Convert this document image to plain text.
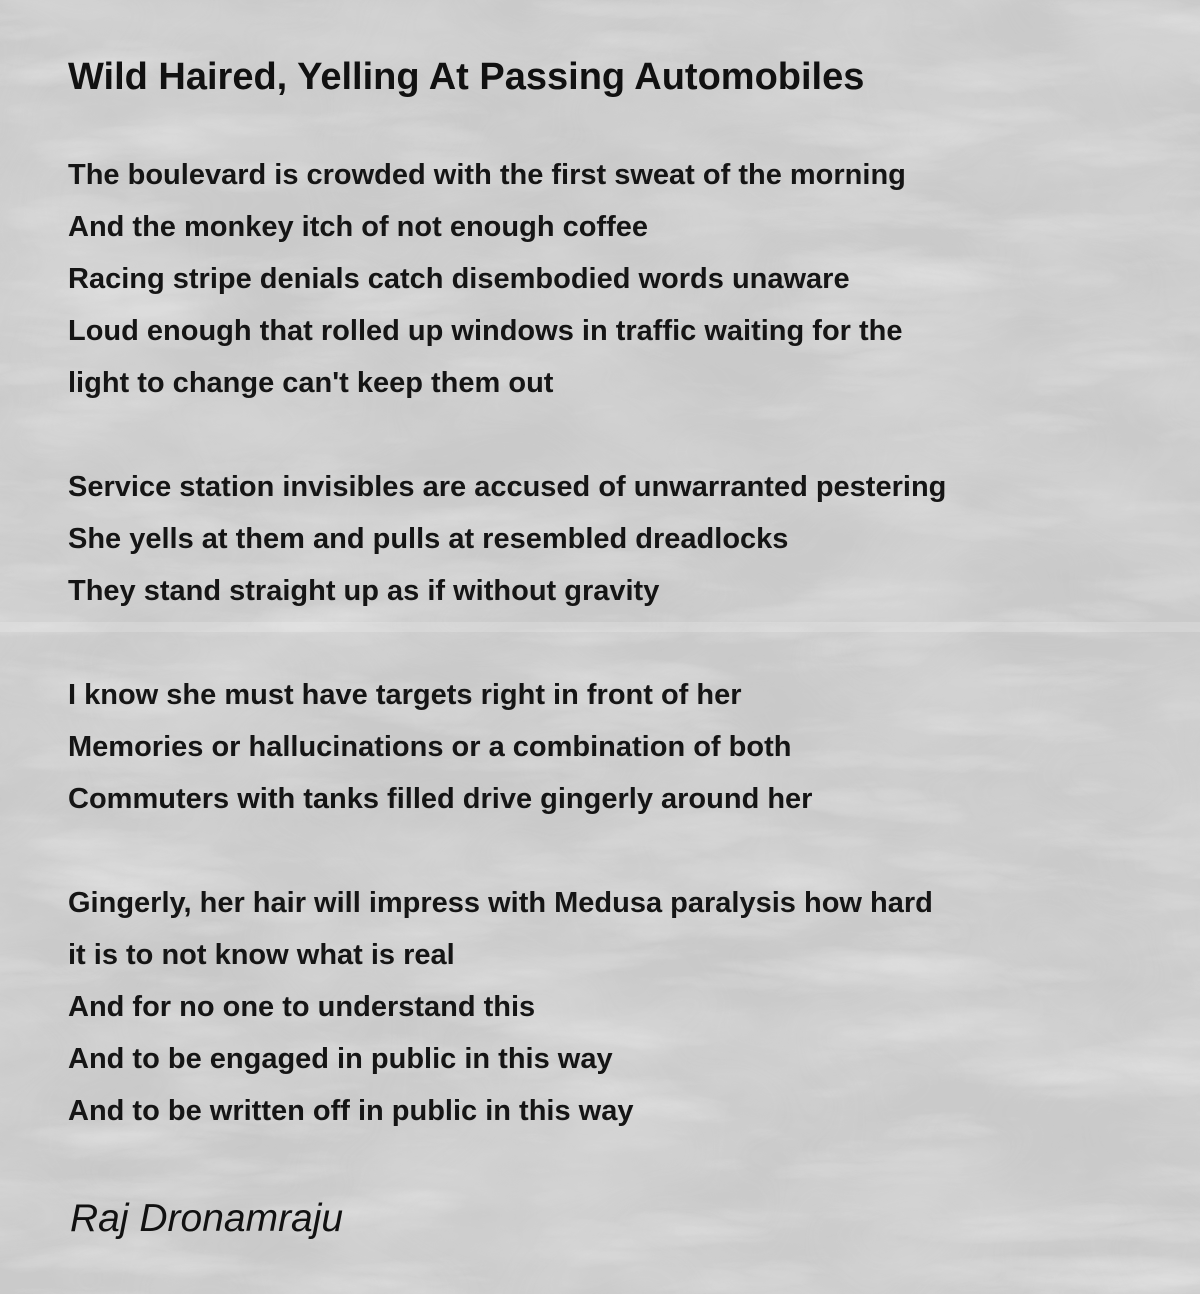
Wild Haired, Yelling At Passing Automobiles
The boulevard is crowded with the first sweat of the morning
And the monkey itch of not enough coffee
Racing stripe denials catch disembodied words unaware
Loud enough that rolled up windows in traffic waiting for the
light to change can't keep them out
Service station invisibles are accused of unwarranted pestering
She yells at them and pulls at resembled dreadlocks
They stand straight up as if without gravity
I know she must have targets right in front of her
Memories or hallucinations or a combination of both
Commuters with tanks filled drive gingerly around her
Gingerly, her hair will impress with Medusa paralysis how hard
it is to not know what is real
And for no one to understand this
And to be engaged in public in this way
And to be written off in public in this way

Raj Dronamraju
